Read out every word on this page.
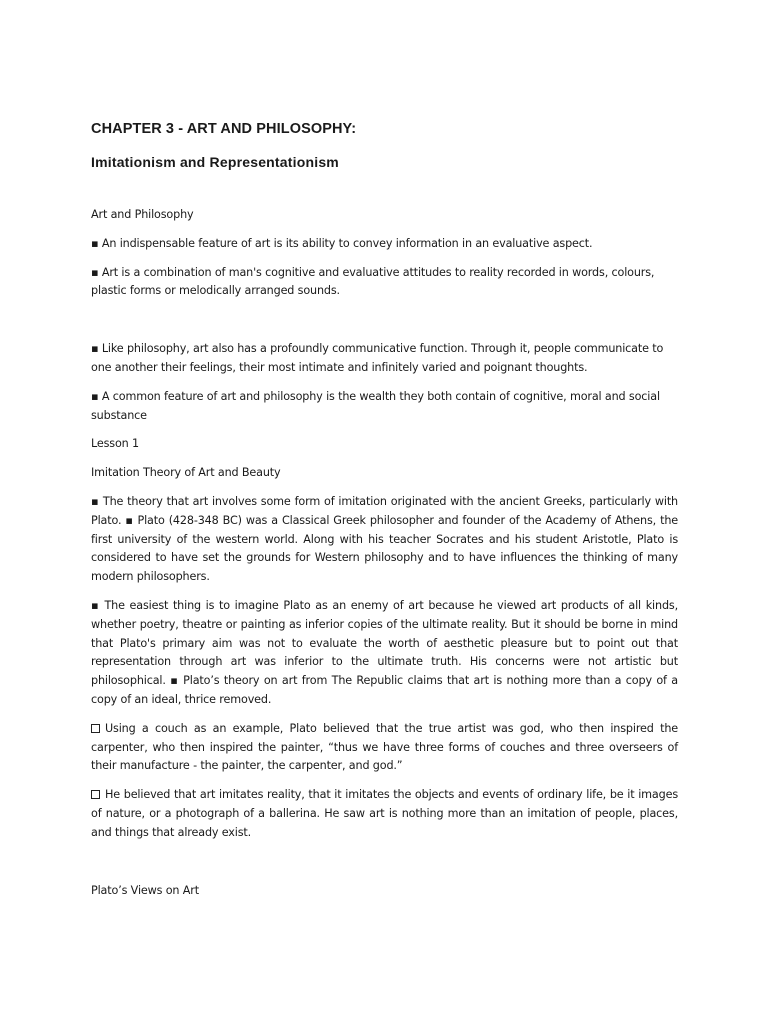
CHAPTER 3 - ART AND PHILOSOPHY:
Imitationism and Representationism

Art and Philosophy

▪ An indispensable feature of art is its ability to convey information in an evaluative aspect.

▪ Art is a combination of man's cognitive and evaluative attitudes to reality recorded in words, colours, plastic forms or melodically arranged sounds.

▪ Like philosophy, art also has a profoundly communicative function. Through it, people communicate to one another their feelings, their most intimate and infinitely varied and poignant thoughts.

▪ A common feature of art and philosophy is the wealth they both contain of cognitive, moral and social substance

Lesson 1

Imitation Theory of Art and Beauty

▪ The theory that art involves some form of imitation originated with the ancient Greeks, particularly with Plato. ▪ Plato (428-348 BC) was a Classical Greek philosopher and founder of the Academy of Athens, the first university of the western world. Along with his teacher Socrates and his student Aristotle, Plato is considered to have set the grounds for Western philosophy and to have influences the thinking of many modern philosophers.

▪ The easiest thing is to imagine Plato as an enemy of art because he viewed art products of all kinds, whether poetry, theatre or painting as inferior copies of the ultimate reality. But it should be borne in mind that Plato's primary aim was not to evaluate the worth of aesthetic pleasure but to point out that representation through art was inferior to the ultimate truth. His concerns were not artistic but philosophical. ▪ Plato’s theory on art from The Republic claims that art is nothing more than a copy of a copy of an ideal, thrice removed.

Using a couch as an example, Plato believed that the true artist was god, who then inspired the carpenter, who then inspired the painter, “thus we have three forms of couches and three overseers of their manufacture - the painter, the carpenter, and god.”

He believed that art imitates reality, that it imitates the objects and events of ordinary life, be it images of nature, or a photograph of a ballerina. He saw art is nothing more than an imitation of people, places, and things that already exist.

Plato’s Views on Art
